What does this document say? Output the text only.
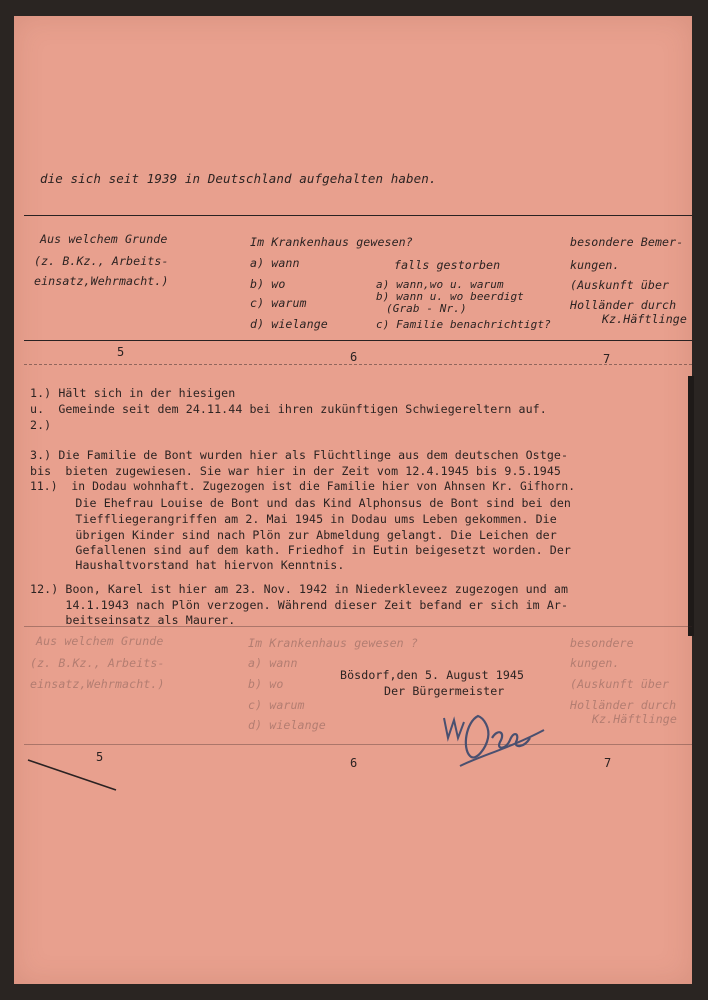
die sich seit 1939 in Deutschland aufgehalten haben.
Aus welchem Grunde
(z. B.Kz., Arbeits-
einsatz,Wehrmacht.)
5
Im Krankenhaus gewesen?
a) wann
b) wo
c) warum
d) wielange
falls gestorben
a) wann,wo u. warum
b) wann u. wo beerdigt
(Grab - Nr.)
c) Familie benachrichtigt?
6
besondere Bemer-
kungen.
(Auskunft über
Holländer durch
Kz.Häftlinge
7
Aus welchem Grunde
(z. B.Kz., Arbeits-
einsatz,Wehrmacht.)
Im Krankenhaus gewesen ?
a) wann
b) wo
c) warum
d) wielange
besondere
kungen.
(Auskunft über
Holländer durch
Kz.Häftlinge
5	6	7
1.) Hält sich in der hiesigen
u.  Gemeinde seit dem 24.11.44 bei ihren zukünftigen Schwiegereltern auf.
2.)
3.) Die Familie de Bont wurden hier als Flüchtlinge aus dem deutschen Ostge-
bis  bieten zugewiesen. Sie war hier in der Zeit vom 12.4.1945 bis 9.5.1945
11.)  in Dodau wohnhaft. Zugezogen ist die Familie hier von Ahnsen Kr. Gifhorn.
Die Ehefrau Louise de Bont und das Kind Alphonsus de Bont sind bei den
Tieffliegerangriffen am 2. Mai 1945 in Dodau ums Leben gekommen. Die
übrigen Kinder sind nach Plön zur Abmeldung gelangt. Die Leichen der
Gefallenen sind auf dem kath. Friedhof in Eutin beigesetzt worden. Der
Haushaltvorstand hat hiervon Kenntnis.
12.) Boon, Karel ist hier am 23. Nov. 1942 in Niederkleveez zugezogen und am
14.1.1943 nach Plön verzogen. Während dieser Zeit befand er sich im Ar-
beitseinsatz als Maurer.
Bösdorf,den 5. August 1945
Der Bürgermeister
